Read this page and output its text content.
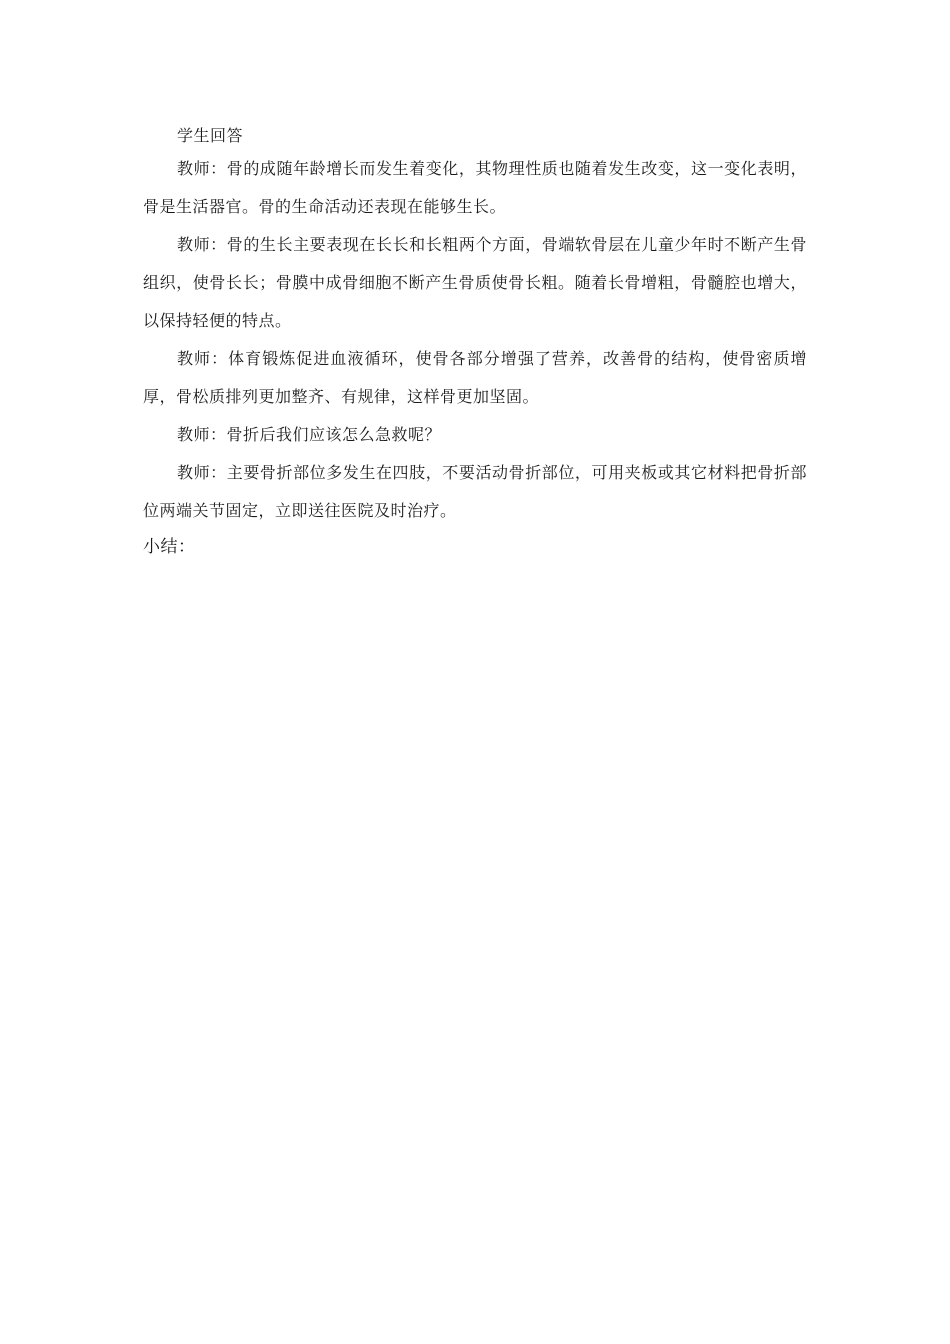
学生回答

教师：骨的成随年龄增长而发生着变化，其物理性质也随着发生改变，这一变化表明，骨是生活器官。骨的生命活动还表现在能够生长。

教师：骨的生长主要表现在长长和长粗两个方面，骨端软骨层在儿童少年时不断产生骨组织，使骨长长；骨膜中成骨细胞不断产生骨质使骨长粗。随着长骨增粗，骨髓腔也增大，以保持轻便的特点。

教师：体育锻炼促进血液循环，使骨各部分增强了营养，改善骨的结构，使骨密质增厚，骨松质排列更加整齐、有规律，这样骨更加坚固。

教师：骨折后我们应该怎么急救呢？

教师：主要骨折部位多发生在四肢，不要活动骨折部位，可用夹板或其它材料把骨折部位两端关节固定，立即送往医院及时治疗。

小结：
